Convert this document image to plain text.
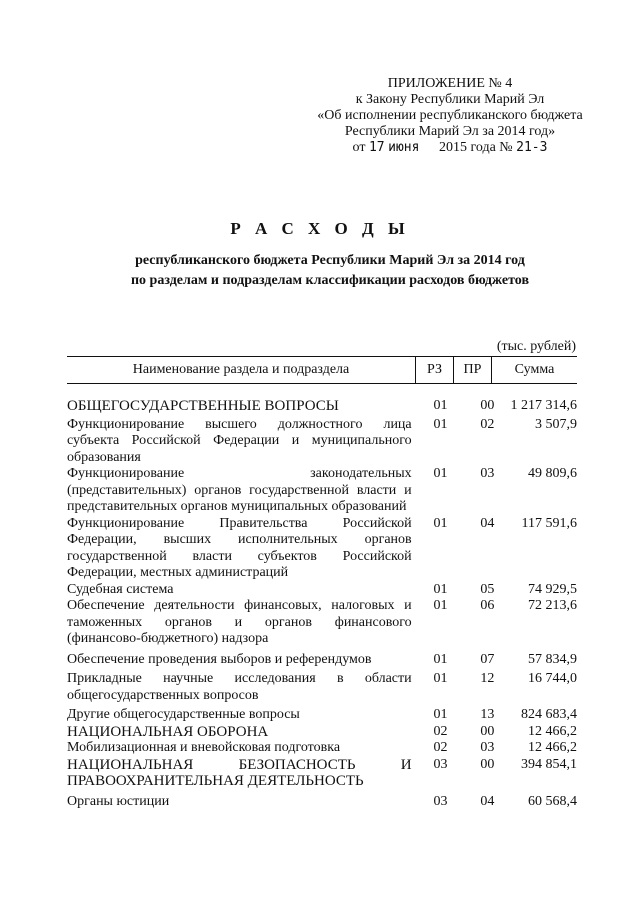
ПРИЛОЖЕНИЕ № 4
к Закону Республики Марий Эл
«Об исполнении республиканского бюджета
Республики Марий Эл за 2014 год»
от 17 июня 2015 года № 21-З
Р А С Х О Д Ы
республиканского бюджета Республики Марий Эл за 2014 год
по разделам и подразделам классификации расходов бюджетов
(тыс. рублей)
Наименование раздела и подраздела	РЗ	ПР	Сумма
ОБЩЕГОСУДАРСТВЕННЫЕ ВОПРОСЫ	01	00	1 217 314,6
Функционирование высшего должностного лица субъекта Российской Федерации и муниципального образования
01	02	3 507,9
Функционирование законодательных (представительных) органов государственной власти и представительных органов муниципальных образований
01	03	49 809,6
Функционирование Правительства Российской Федерации, высших исполнительных органов государственной власти субъектов Российской Федерации, местных администраций
01	04	117 591,6
Судебная система	01	05	74 929,5
Обеспечение деятельности финансовых, налоговых и таможенных органов и органов финансового (финансово-бюджетного) надзора
01	06	72 213,6
Обеспечение проведения выборов и референдумов	01	07	57 834,9
Прикладные научные исследования в области общегосударственных вопросов
01	12	16 744,0
Другие общегосударственные вопросы	01	13	824 683,4
НАЦИОНАЛЬНАЯ ОБОРОНА	02	00	12 466,2
Мобилизационная и вневойсковая подготовка	02	03	12 466,2
НАЦИОНАЛЬНАЯ БЕЗОПАСНОСТЬ И ПРАВООХРАНИТЕЛЬНАЯ ДЕЯТЕЛЬНОСТЬ
03	00	394 854,1
Органы юстиции	03	04	60 568,4
